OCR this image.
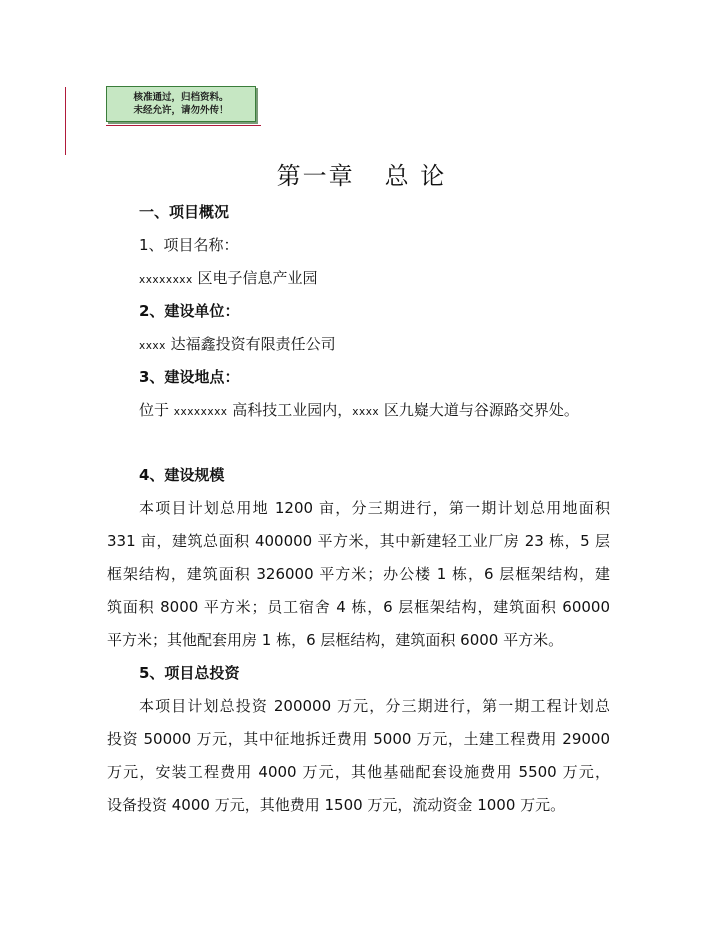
核准通过，归档资料。
未经允许，请勿外传！
第一章 总 论
一、项目概况
1、项目名称：
xxxxxxxx 区电子信息产业园
2、建设单位：
xxxx 达福鑫投资有限责任公司
3、建设地点：
位于 xxxxxxxx 高科技工业园内，xxxx 区九嶷大道与谷源路交界处。
4、建设规模
本项目计划总用地 1200 亩，分三期进行，第一期计划总用地面积
331 亩，建筑总面积 400000 平方米，其中新建轻工业厂房 23 栋，5 层
框架结构，建筑面积 326000 平方米；办公楼 1 栋，6 层框架结构，建
筑面积 8000 平方米；员工宿舍 4 栋，6 层框架结构，建筑面积 60000
平方米；其他配套用房 1 栋，6 层框结构，建筑面积 6000 平方米。
5、项目总投资
本项目计划总投资 200000 万元，分三期进行，第一期工程计划总
投资 50000 万元，其中征地拆迁费用 5000 万元，土建工程费用 29000
万元，安装工程费用 4000 万元，其他基础配套设施费用 5500 万元，
设备投资 4000 万元，其他费用 1500 万元，流动资金 1000 万元。
